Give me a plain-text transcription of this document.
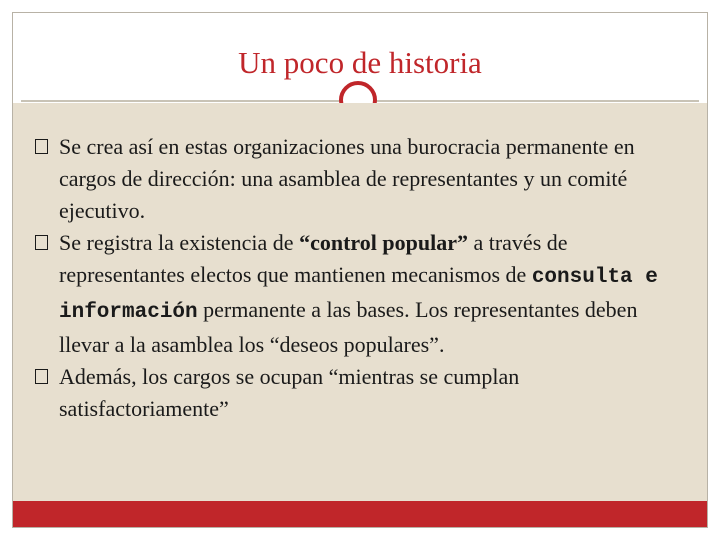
Un poco de historia
Se crea así en estas organizaciones una burocracia permanente en cargos de dirección: una asamblea de representantes y un comité ejecutivo.
Se registra la existencia de “control popular” a través de representantes electos que mantienen mecanismos de consulta e información permanente a las bases. Los representantes deben llevar a la asamblea los “deseos populares”.
Además, los cargos se ocupan “mientras se cumplan satisfactoriamente”
